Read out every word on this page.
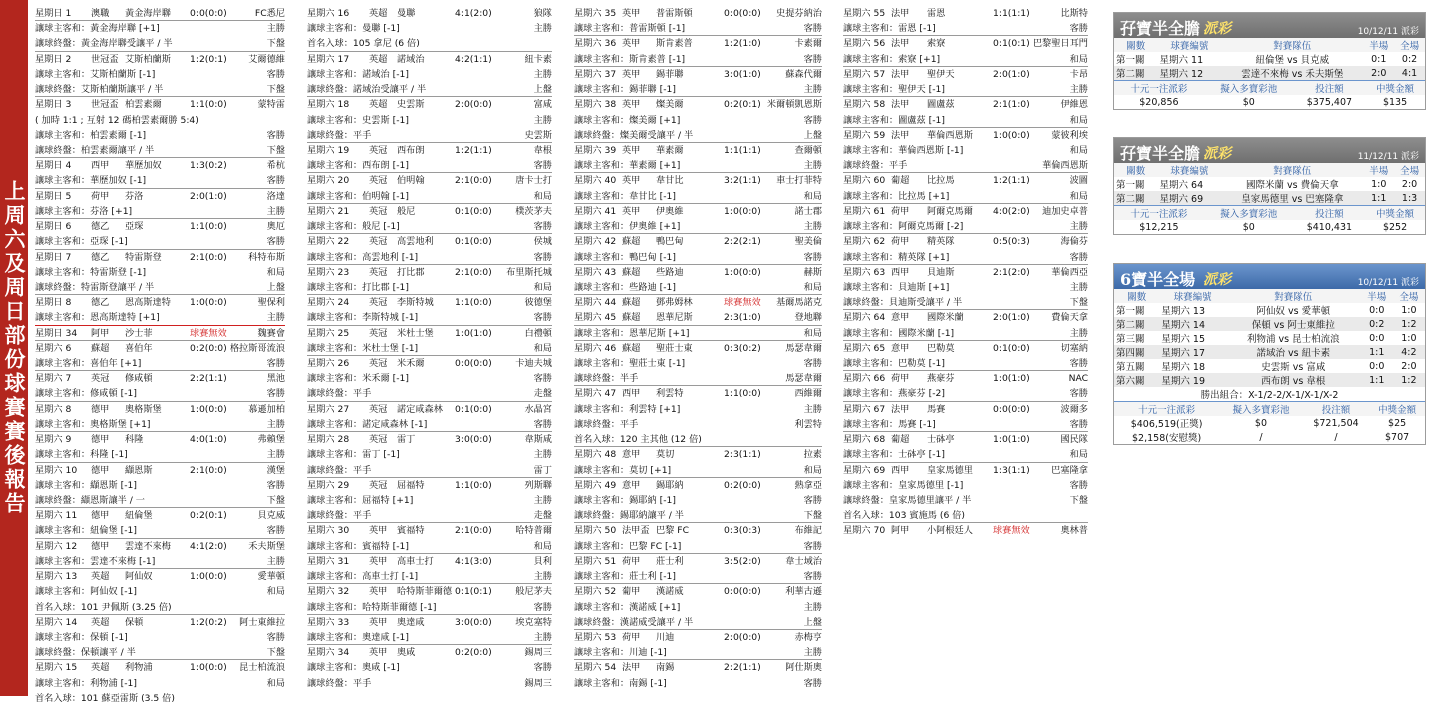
上周六及周日部份球賽賽後報告
星期日 1 澳職 黃金海岸聯 0:0(0:0)	FC悉尼
讓球主客和：黃金海岸聯 [+1]	主勝
讓球終盤：黃金海岸聯受讓平 / 半	下盤
星期日 2 世冠盃 艾斯柏蘭斯 1:2(0:1) 艾爾德維
讓球主客和：艾斯柏蘭斯 [-1]	客勝
讓球終盤：艾斯柏蘭斯讓平 / 半	下盤
星期日 3 世冠盃 柏雲素爾	1:1(0:0)	蒙特雷
( 加時 1:1 ; 互射 12 碼柏雲素爾勝 5:4)
讓球主客和：柏雲素爾 [-1]	客勝
讓球終盤：柏雲素爾讓平 / 半	下盤
星期日 4 西甲 華歷加奴	1:3(0:2)	希杭
讓球主客和：華歷加奴 [-1]	客勝
星期日 5 荷甲 芬洛	2:0(1:0)	洛達
讓球主客和：芬洛 [+1]	主勝
星期日 6 德乙 亞琛	1:1(0:0)	奧厄
讓球主客和：亞琛 [-1]	客勝
星期日 7 德乙 特雷斯登	2:1(0:0) 科特布斯
讓球主客和：特雷斯登 [-1]	和局
讓球終盤：特雷斯登讓平 / 半	上盤
星期日 8 德乙 恩高斯達特 1:0(0:0)	聖保利
讓球主客和：恩高斯達特 [+1]	主勝
星期日 34 阿甲 沙士菲	球賽無效	魏賽會
星期六 6 蘇超 喜伯年	0:2(0:0) 格拉斯哥流浪
讓球主客和：喜伯年 [+1]	客勝
星期六 7 英冠 修咸頓	2:2(1:1)	黑池
讓球主客和：修咸頓 [-1]	客勝
星期六 8 德甲 奧格斯堡	1:0(0:0) 慕遜加柏
讓球主客和：奧格斯堡 [+1]	主勝
星期六 9 德甲 科隆	4:0(1:0)	弗賴堡
讓球主客和：科隆 [-1]	主勝
星期六 10 德甲 纈恩斯	2:1(0:0)	漢堡
讓球主客和：纈恩斯 [-1]	客勝
讓球終盤：纈恩斯讓半 / 一	下盤
星期六 11 德甲 紐倫堡	0:2(0:1)	貝克威
讓球主客和：紐倫堡 [-1]	客勝
星期六 12 德甲 雲達不來梅 4:1(2:0) 禾夫斯堡
讓球主客和：雲達不來梅 [-1]	主勝
星期六 13 英超 阿仙奴	1:0(0:0)	愛華頓
讓球主客和：阿仙奴 [-1]	和局
首名入球：101 尹佩斯 (3.25 倍)
星期六 14 英超 保頓	1:2(0:2) 阿士東維拉
讓球主客和：保頓 [-1]	客勝
讓球終盤：保頓讓平 / 半	下盤
星期六 15 英超 利物浦	1:0(0:0) 昆士柏流浪
讓球主客和：利物浦 [-1]	和局
首名入球：101 蘇亞雷斯 (3.5 倍)
星期六 16 英超 曼聯	4:1(2:0)	狼隊
讓球主客和：曼聯 [-1]	主勝
首名入球：105 拿尼 (6 倍)
星期六 17 英超 諾域治	4:2(1:1)	紐卡素
讓球主客和：諾域治 [-1]	主勝
讓球終盤：諾域治受讓平 / 半	上盤
星期六 18 英超 史雲斯	2:0(0:0)	富咸
讓球主客和：史雲斯 [-1]	主勝
讓球終盤：平手	史雲斯
星期六 19 英冠 西布朗	1:2(1:1)	韋根
讓球主客和：西布朗 [-1]	客勝
星期六 20 英冠 伯明翰	2:1(0:0)	唐卡士打
讓球主客和：伯明翰 [-1]	和局
星期六 21 英冠 般尼	0:1(0:0)	樸茨茅夫
讓球主客和：般尼 [-1]	客勝
星期六 22 英冠 高雲地利 0:1(0:0)	侯城
讓球主客和：高雲地利 [-1]	客勝
星期六 23 英冠 打比郡	2:1(0:0) 布里斯托城
讓球主客和：打比郡 [-1]	和局
星期六 24 英冠 李斯特城 1:1(0:0)	彼德堡
讓球主客和：李斯特城 [-1]	客勝
星期六 25 英冠 米杜士堡 1:0(1:0)	白禮頓
讓球主客和：米杜士堡 [-1]	和局
星期六 26 英冠 米禾爾	0:0(0:0)	卡迪夫城
讓球主客和：米禾爾 [-1]	客勝
讓球終盤：平手	走盤
星期六 27 英冠 諾定咸森林 0:1(0:0)	水晶宮
讓球主客和：諾定咸森林 [-1]	客勝
星期六 28 英冠 雷丁	3:0(0:0)	韋斯咸
讓球主客和：雷丁 [-1]	主勝
讓球終盤：平手	雷丁
星期六 29 英冠 屈福特	1:1(0:0)	列斯聯
讓球主客和：屈福特 [+1]	主勝
讓球終盤：平手	走盤
星期六 30 英甲 賓福特	2:1(0:0)	哈特普爾
讓球主客和：賓福特 [-1]	和局
星期六 31 英甲 高車士打 4:1(3:0)	貝利
讓球主客和：高車士打 [-1]	主勝
星期六 32 英甲 哈特斯菲爾德 0:1(0:1)	般尼茅夫
讓球主客和：哈特斯菲爾德 [-1]	客勝
星期六 33 英甲 奧達咸	3:0(0:0)	埃克塞特
讓球主客和：奧達咸 [-1]	主勝
星期六 34 英甲 奧咸	0:2(0:0)	錫周三
讓球主客和：奧咸 [-1]	客勝
讓球終盤：平手	錫周三
星期六 35 英甲 普雷斯頓	0:0(0:0) 史提芬納治
讓球主客和：普雷斯頓 [-1]	客勝
星期六 36 英甲 斯肯素普	1:2(1:0)	卡素爾
讓球主客和：斯肯素普 [-1]	客勝
星期六 37 英甲 錫菲聯	3:0(1:0)	蘇森代爾
讓球主客和：錫菲聯 [-1]	主勝
星期六 38 英甲 燦美爾	0:2(0:1) 米爾頓凱恩斯
讓球主客和：燦美爾 [+1]	客勝
讓球終盤：燦美爾受讓平 / 半	上盤
星期六 39 英甲 華素爾	1:1(1:1)	查爾頓
讓球主客和：華素爾 [+1]	主勝
星期六 40 英甲 韋甘比	3:2(1:1) 車士打菲特
讓球主客和：韋甘比 [-1]	和局
星期六 41 英甲 伊奧維	1:0(0:0)	諾士郡
讓球主客和：伊奧維 [+1]	主勝
星期六 42 蘇超 鴨巴甸	2:2(2:1)	聖美倫
讓球主客和：鴨巴甸 [-1]	客勝
星期六 43 蘇超 些路迪	1:0(0:0)	赫斯
讓球主客和：些路迪 [-1]	和局
星期六 44 蘇超 鄧弗姆林	球賽無效 基爾馬諾克
星期六 45 蘇超 恩華尼斯	2:3(1:0)	登地聯
讓球主客和：恩華尼斯 [+1]	和局
星期六 46 蘇超 聖莊士東	0:3(0:2)	馬瑟韋爾
讓球主客和：聖莊士東 [-1]	客勝
讓球終盤：半手	馬瑟韋爾
星期六 47 西甲 利雲特	1:1(0:0)	西維爾
讓球主客和：利雲特 [+1]	主勝
讓球終盤：平手	利雲特
首名入球：120 主其他 (12 倍)
星期六 48 意甲 莫切	2:3(1:1)	拉素
讓球主客和：莫切 [+1]	和局
星期六 49 意甲 錫耶納	0:2(0:0)	熱拿亞
讓球主客和：錫耶納 [-1]	客勝
讓球終盤：錫耶納讓平 / 半	下盤
星期六 50 法甲盃 巴黎 FC	0:3(0:3)	布維記
讓球主客和：巴黎 FC [-1]	客勝
星期六 51 荷甲 莊士利	3:5(2:0)	韋士域治
讓球主客和：莊士利 [-1]	客勝
星期六 52 葡甲 漢諾威	0:0(0:0)	利華古遜
讓球主客和：漢諾威 [+1]	主勝
讓球終盤：漢諾威受讓平 / 半	上盤
星期六 53 荷甲 川迪	2:0(0:0)	赤梅亨
讓球主客和：川迪 [-1]	主勝
星期六 54 法甲 南錫	2:2(1:1)	阿仕斯奧
讓球主客和：南錫 [-1]	客勝
星期六 55 法甲 雷恩	1:1(1:1)	比斯特
讓球主客和：雷恩 [-1]	客勝
星期六 56 法甲 索寮	0:1(0:1) 巴黎聖日耳門
讓球主客和：索寮 [+1]	和局
星期六 57 法甲 聖伊天	2:0(1:0)	卡昂
讓球主客和：聖伊天 [-1]	主勝
星期六 58 法甲 圖盧茲	2:1(1:0)	伊維恩
讓球主客和：圖盧茲 [-1]	和局
星期六 59 法甲 華倫西恩斯 1:0(0:0) 蒙彼利埃
讓球主客和：華倫西恩斯 [-1]	和局
讓球終盤：平手	華倫西恩斯
星期六 60 葡超 比拉馬	1:2(1:1)	波圖
讓球主客和：比拉馬 [+1]	和局
星期六 61 荷甲 阿爾克馬爾 4:0(2:0) 迪加史卓普
讓球主客和：阿爾克馬爾 [-2]	主勝
星期六 62 荷甲 精英隊	0:5(0:3)	海倫芬
讓球主客和：精英隊 [+1]	客勝
星期六 63 西甲 貝迪斯	2:1(2:0) 華倫西亞
讓球主客和：貝迪斯 [+1]	主勝
讓球終盤：貝迪斯受讓平 / 半	下盤
星期六 64 意甲 國際米蘭	2:0(1:0) 費倫天拿
讓球主客和：國際米蘭 [-1]	主勝
星期六 65 意甲 巴勒莫	0:1(0:0)	切塞納
讓球主客和：巴勒莫 [-1]	客勝
星期六 66 荷甲 燕豪芬	1:0(1:0)	NAC
讓球主客和：燕豪芬 [-2]	客勝
星期六 67 法甲 馬賽	0:0(0:0)	波爾多
讓球主客和：馬賽 [-1]	客勝
星期六 68 葡超 士砵亭	1:0(1:0)	國民隊
讓球主客和：士砵亭 [-1]	和局
星期六 69 西甲 皇家馬德里 1:3(1:1) 巴塞隆拿
讓球主客和：皇家馬德里 [-1]	客勝
讓球終盤：皇家馬德里讓平 / 半	下盤
首名入球：103 賓施馬 (6 倍)
星期六 70 阿甲 小阿根廷人 球賽無效	奧林普
孖寶半全膽 派彩	10/12/11 派彩
關數	球賽編號	對賽隊伍	半場	全場
第一關	星期六 11	紐倫堡 vs 貝克威	0:1	0:2
第二關	星期六 12	雲達不來梅 vs 禾夫斯堡	2:0	4:1
十元一注派彩	擬入多寶彩池	投注額	中獎金額
$20,856	$0	$375,407	$135
孖寶半全膽 派彩	11/12/11 派彩
關數	球賽編號	對賽隊伍	半場	全場
第一關	星期六 64	國際米蘭 vs 費倫天拿	1:0	2:0
第二關	星期六 69	皇家馬德里 vs 巴塞隆拿	1:1	1:3
十元一注派彩	擬入多寶彩池	投注額	中獎金額
$12,215	$0	$410,431	$252
6寶半全場 派彩	10/12/11 派彩
關數	球賽編號	對賽隊伍	半場	全場
第一關	星期六 13	阿仙奴 vs 愛華頓	0:0	1:0
第二關	星期六 14	保頓 vs 阿士東維拉	0:2	1:2
第三關	星期六 15	利物浦 vs 昆士柏流浪	0:0	1:0
第四關	星期六 17	諾域治 vs 紐卡素	1:1	4:2
第五關	星期六 18	史雲斯 vs 富咸	0:0	2:0
第六關	星期六 19	西布朗 vs 韋根	1:1	1:2
勝出組合：X-1/2-2/X-1/X-1/X-2				
十元一注派彩	擬入多寶彩池	投注額	中獎金額
$406,519(正獎)	$0	$721,504	$25
$2,158(安慰獎)	/	/	$707
